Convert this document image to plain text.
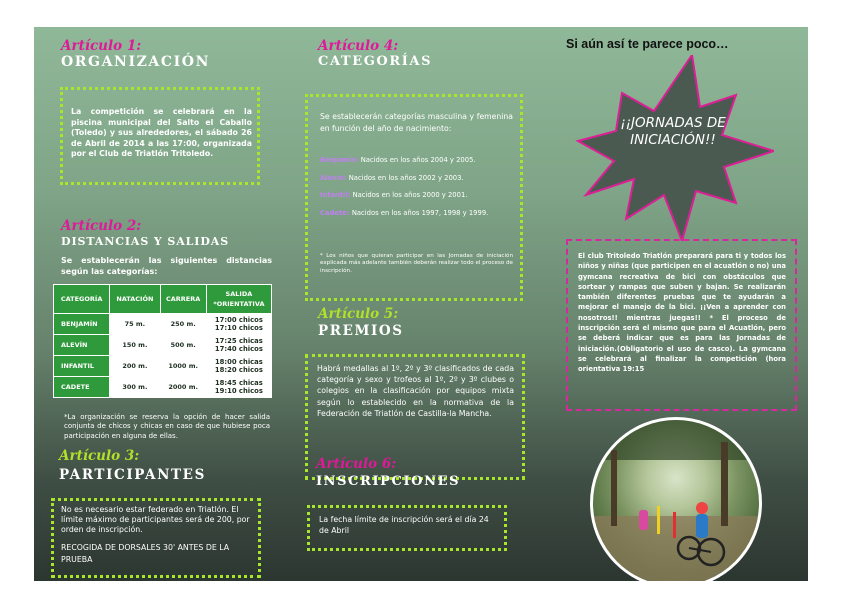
Artículo 1:
ORGANIZACIÓN
La competición se celebrará en la piscina municipal del Salto el Caballo (Toledo) y sus alrededores, el sábado 26 de Abril de 2014 a las 17:00, organizada por el Club de Triatlón Tritoledo.
Artículo 2:
DISTANCIAS Y SALIDAS
Se establecerán las siguientes distancias según las categorías:
CATEGORÍA	NATACIÓN	CARRERA	SALIDA
*ORIENTATIVA
BENJAMÍN	75 m.	250 m.	17:00 chicos
17:10 chicos
ALEVÍN	150 m.	500 m.	17:25 chicas
17:40 chicos
INFANTIL	200 m.	1000 m.	18:00 chicas
18:20 chicos
CADETE	300 m.	2000 m.	18:45 chicas
19:10 chicos
*La organización se reserva la opción de hacer salida conjunta de chicos y chicas en caso de que hubiese poca participación en alguna de ellas.
Artículo 3:
PARTICIPANTES
No es necesario estar federado en Triatlón. El límite máximo de participantes será de 200, por orden de inscripción.
RECOGIDA DE DORSALES 30' ANTES DE LA PRUEBA
Artículo 4:
CATEGORÍAS
Se establecerán categorías masculina y femenina en función del año de nacimiento:
Benjamín: Nacidos en los años 2004 y 2005.
Alevín: Nacidos en los años 2002 y 2003.
Infantil: Nacidos en los años 2000 y 2001.
Cadete: Nacidos en los años 1997, 1998 y 1999.
* Los niños que quieran participar en las Jornadas de iniciación explicada más adelante también deberán realizar todo el proceso de inscripción.
Artículo 5:
PREMIOS
Habrá medallas al 1º, 2º y 3º clasificados de cada categoría y sexo y trofeos al 1º, 2º y 3º clubes o colegios en la clasificación por equipos mixta según lo establecido en la normativa de la Federación de Triatlón de Castilla-la Mancha.
Artículo 6:
INSCRIPCIONES
La fecha límite de inscripción será el día 24 de Abril
Si aún así te parece poco…
¡¡JORNADAS DE
INICIACIÓN!!
El club Tritoledo Triatlón preparará para ti y todos los niños y niñas (que participen en el acuatlón o no) una gymcana recreativa de bici con obstáculos que sortear y rampas que suben y bajan. Se realizarán también diferentes pruebas que te ayudarán a mejorar el manejo de la bici. ¡¡Ven a aprender con nosotros!! mientras juegas!! * El proceso de inscripción será el mismo que para el Acuatlón, pero se deberá indicar que es para las Jornadas de iniciación.(Obligatorio el uso de casco). La gymcana se celebrará al finalizar la competición (hora orientativa 19:15
